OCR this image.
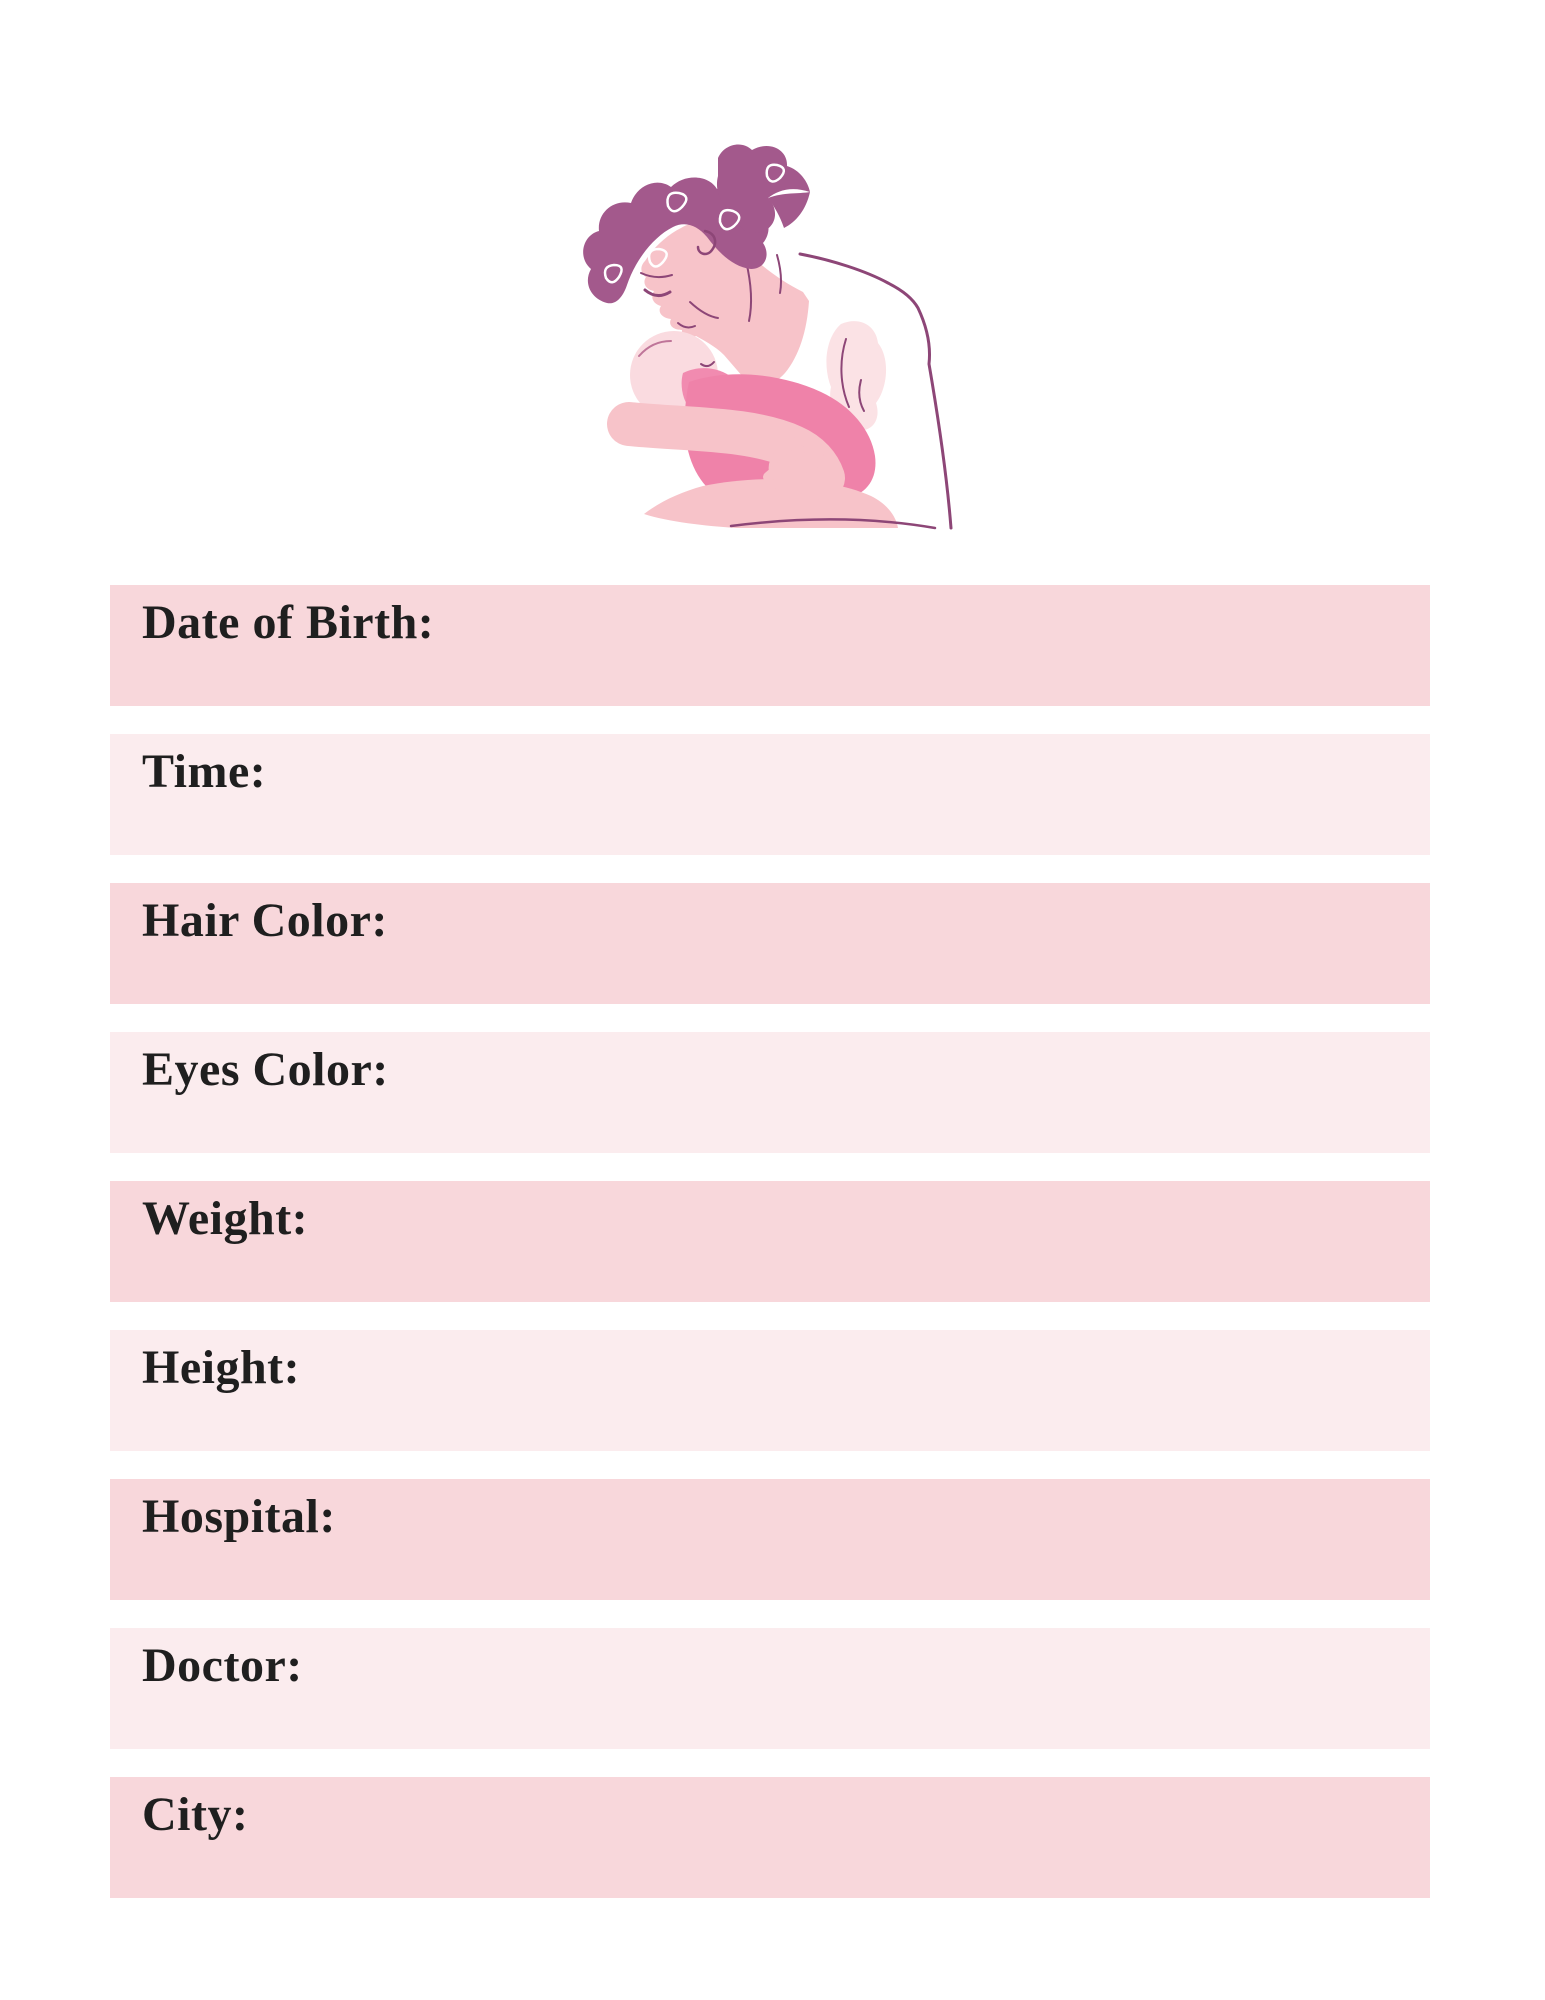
Date of Birth:
Time:
Hair Color:
Eyes Color:
Weight:
Height:
Hospital:
Doctor:
City:
